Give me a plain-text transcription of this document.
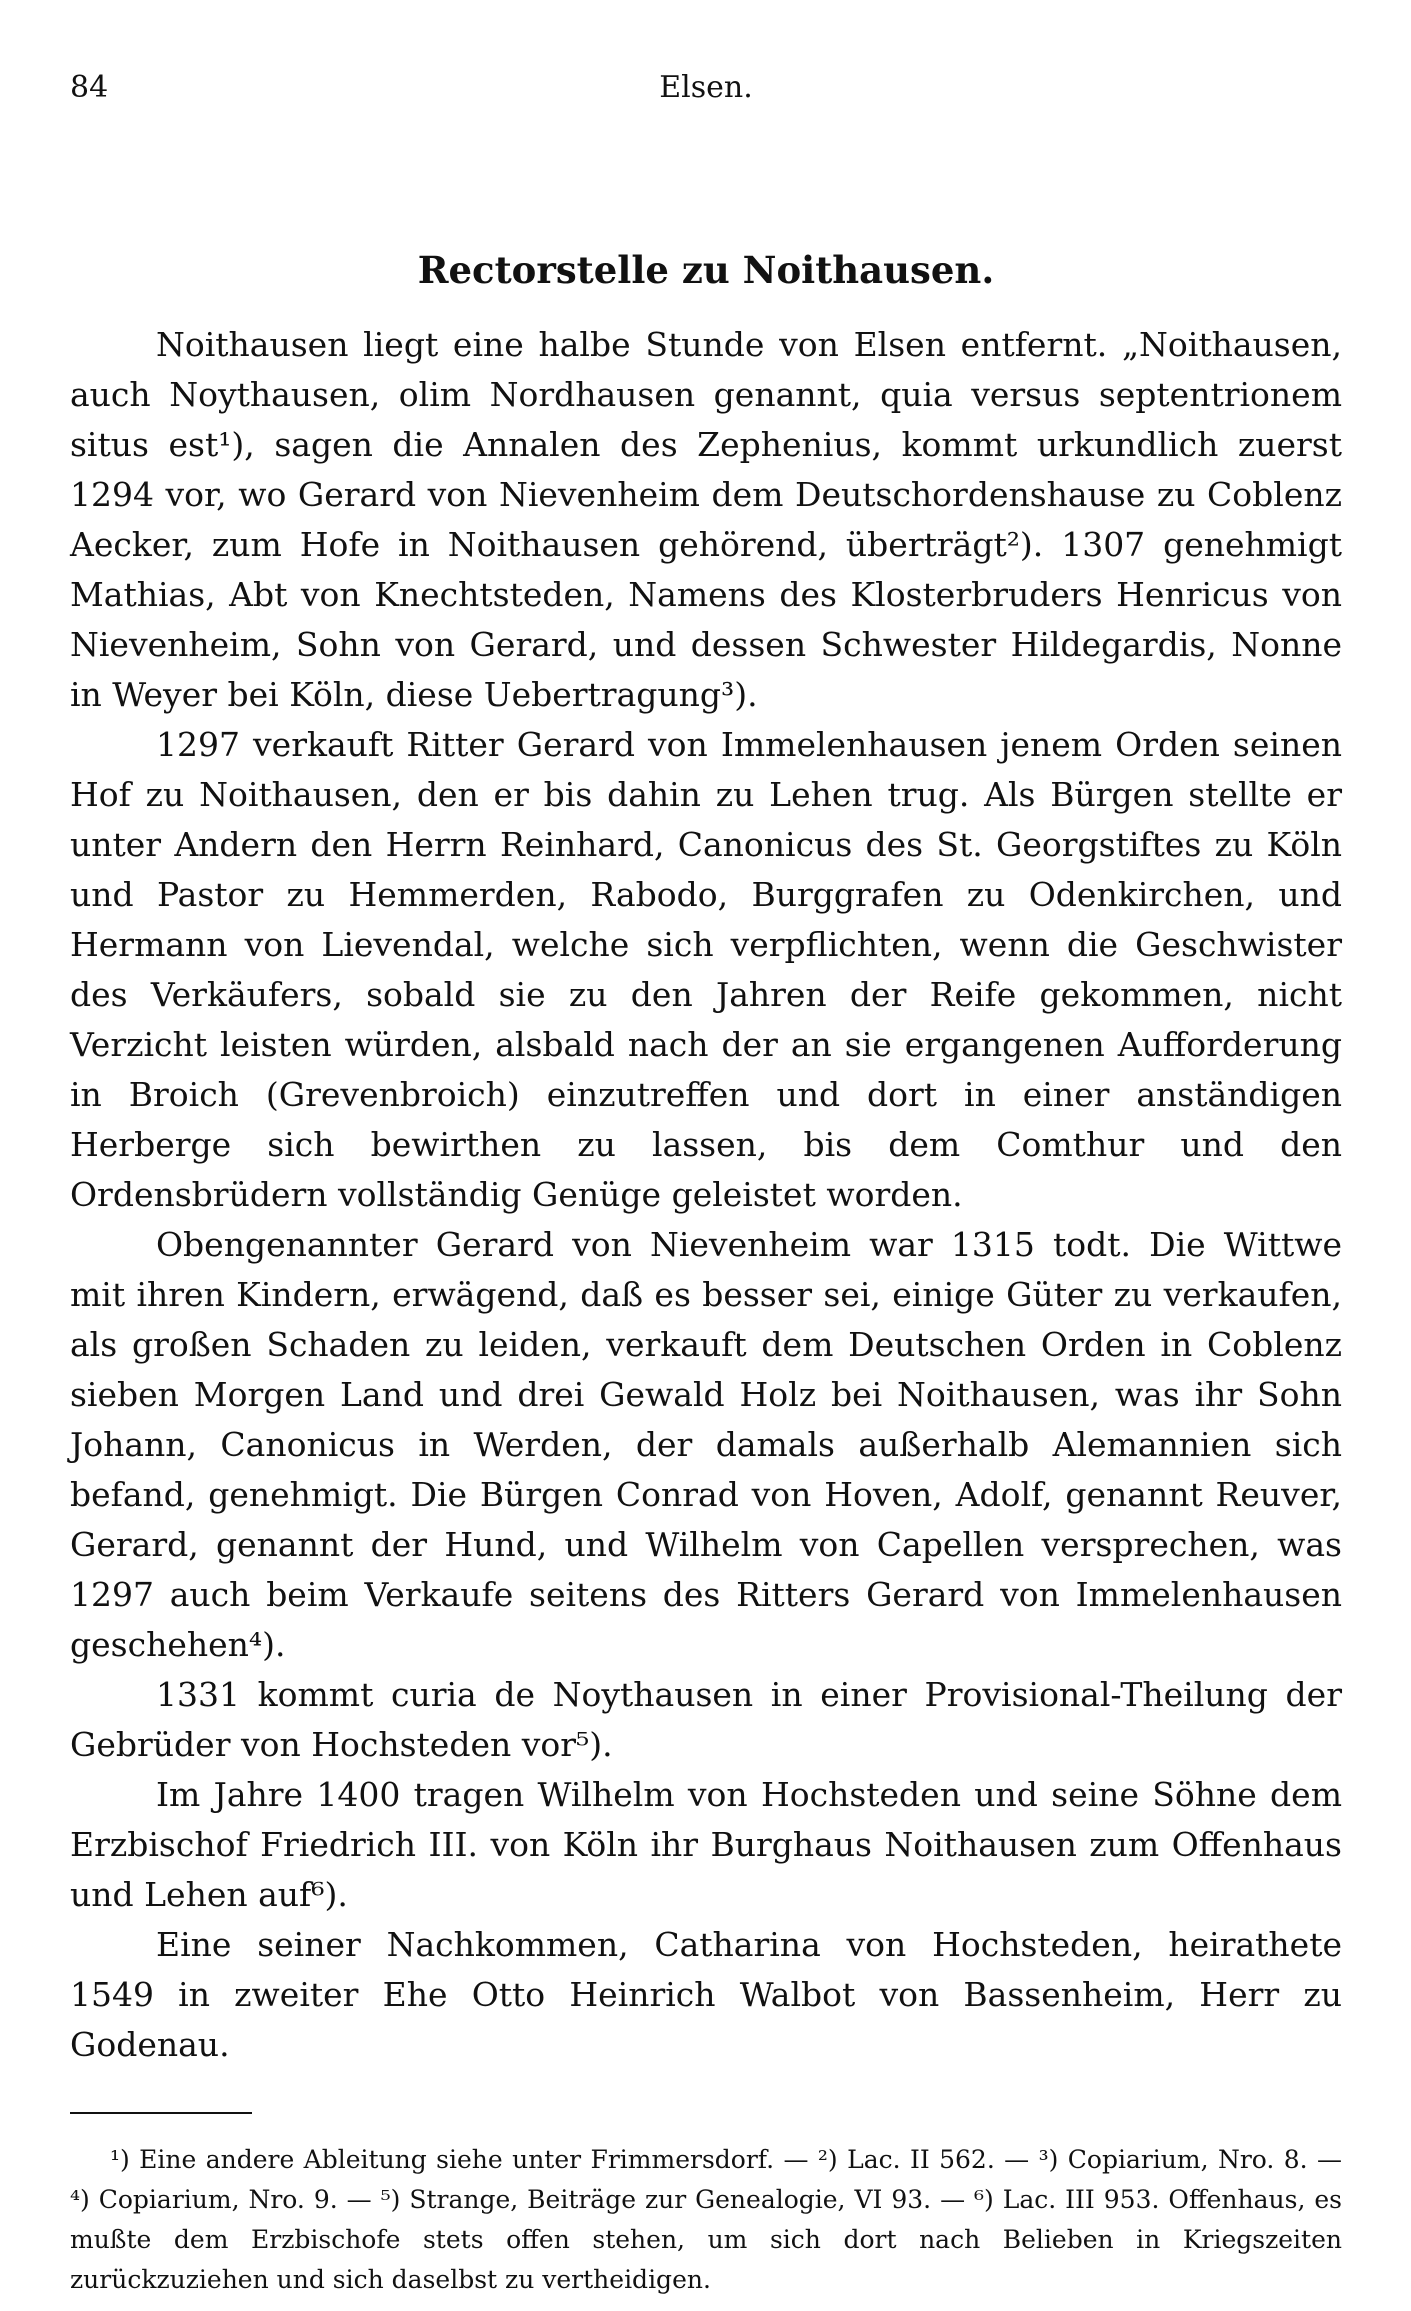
84	Elsen.
Rectorstelle zu Noithausen.

Noithausen liegt eine halbe Stunde von Elsen entfernt. „Noithausen, auch Noythausen, olim Nordhausen genannt, quia versus septentrionem situs est¹), sagen die Annalen des Zephenius, kommt urkundlich zuerst 1294 vor, wo Gerard von Nievenheim dem Deutschordenshause zu Coblenz Aecker, zum Hofe in Noithausen gehörend, überträgt²). 1307 genehmigt Mathias, Abt von Knechtsteden, Namens des Klosterbruders Henricus von Nievenheim, Sohn von Gerard, und dessen Schwester Hildegardis, Nonne in Weyer bei Köln, diese Uebertragung³).

1297 verkauft Ritter Gerard von Immelenhausen jenem Orden seinen Hof zu Noithausen, den er bis dahin zu Lehen trug. Als Bürgen stellte er unter Andern den Herrn Reinhard, Canonicus des St. Georgstiftes zu Köln und Pastor zu Hemmerden, Rabodo, Burggrafen zu Odenkirchen, und Hermann von Lievendal, welche sich verpflichten, wenn die Geschwister des Verkäufers, sobald sie zu den Jahren der Reife gekommen, nicht Verzicht leisten würden, alsbald nach der an sie ergangenen Aufforderung in Broich (Grevenbroich) einzutreffen und dort in einer anständigen Herberge sich bewirthen zu lassen, bis dem Comthur und den Ordensbrüdern vollständig Genüge geleistet worden.

Obengenannter Gerard von Nievenheim war 1315 todt. Die Wittwe mit ihren Kindern, erwägend, daß es besser sei, einige Güter zu verkaufen, als großen Schaden zu leiden, verkauft dem Deutschen Orden in Coblenz sieben Morgen Land und drei Gewald Holz bei Noithausen, was ihr Sohn Johann, Canonicus in Werden, der damals außerhalb Alemannien sich befand, genehmigt. Die Bürgen Conrad von Hoven, Adolf, genannt Reuver, Gerard, genannt der Hund, und Wilhelm von Capellen versprechen, was 1297 auch beim Verkaufe seitens des Ritters Gerard von Immelenhausen geschehen⁴).

1331 kommt curia de Noythausen in einer Provisional-Theilung der Gebrüder von Hochsteden vor⁵).

Im Jahre 1400 tragen Wilhelm von Hochsteden und seine Söhne dem Erzbischof Friedrich III. von Köln ihr Burghaus Noithausen zum Offenhaus und Lehen auf⁶).

Eine seiner Nachkommen, Catharina von Hochsteden, heirathete 1549 in zweiter Ehe Otto Heinrich Walbot von Bassenheim, Herr zu Godenau.

¹) Eine andere Ableitung siehe unter Frimmersdorf. — ²) Lac. II 562. — ³) Copiarium, Nro. 8. — ⁴) Copiarium, Nro. 9. — ⁵) Strange, Beiträge zur Genealogie, VI 93. — ⁶) Lac. III 953. Offenhaus, es mußte dem Erzbischofe stets offen stehen, um sich dort nach Belieben in Kriegszeiten zurückzuziehen und sich daselbst zu vertheidigen.
